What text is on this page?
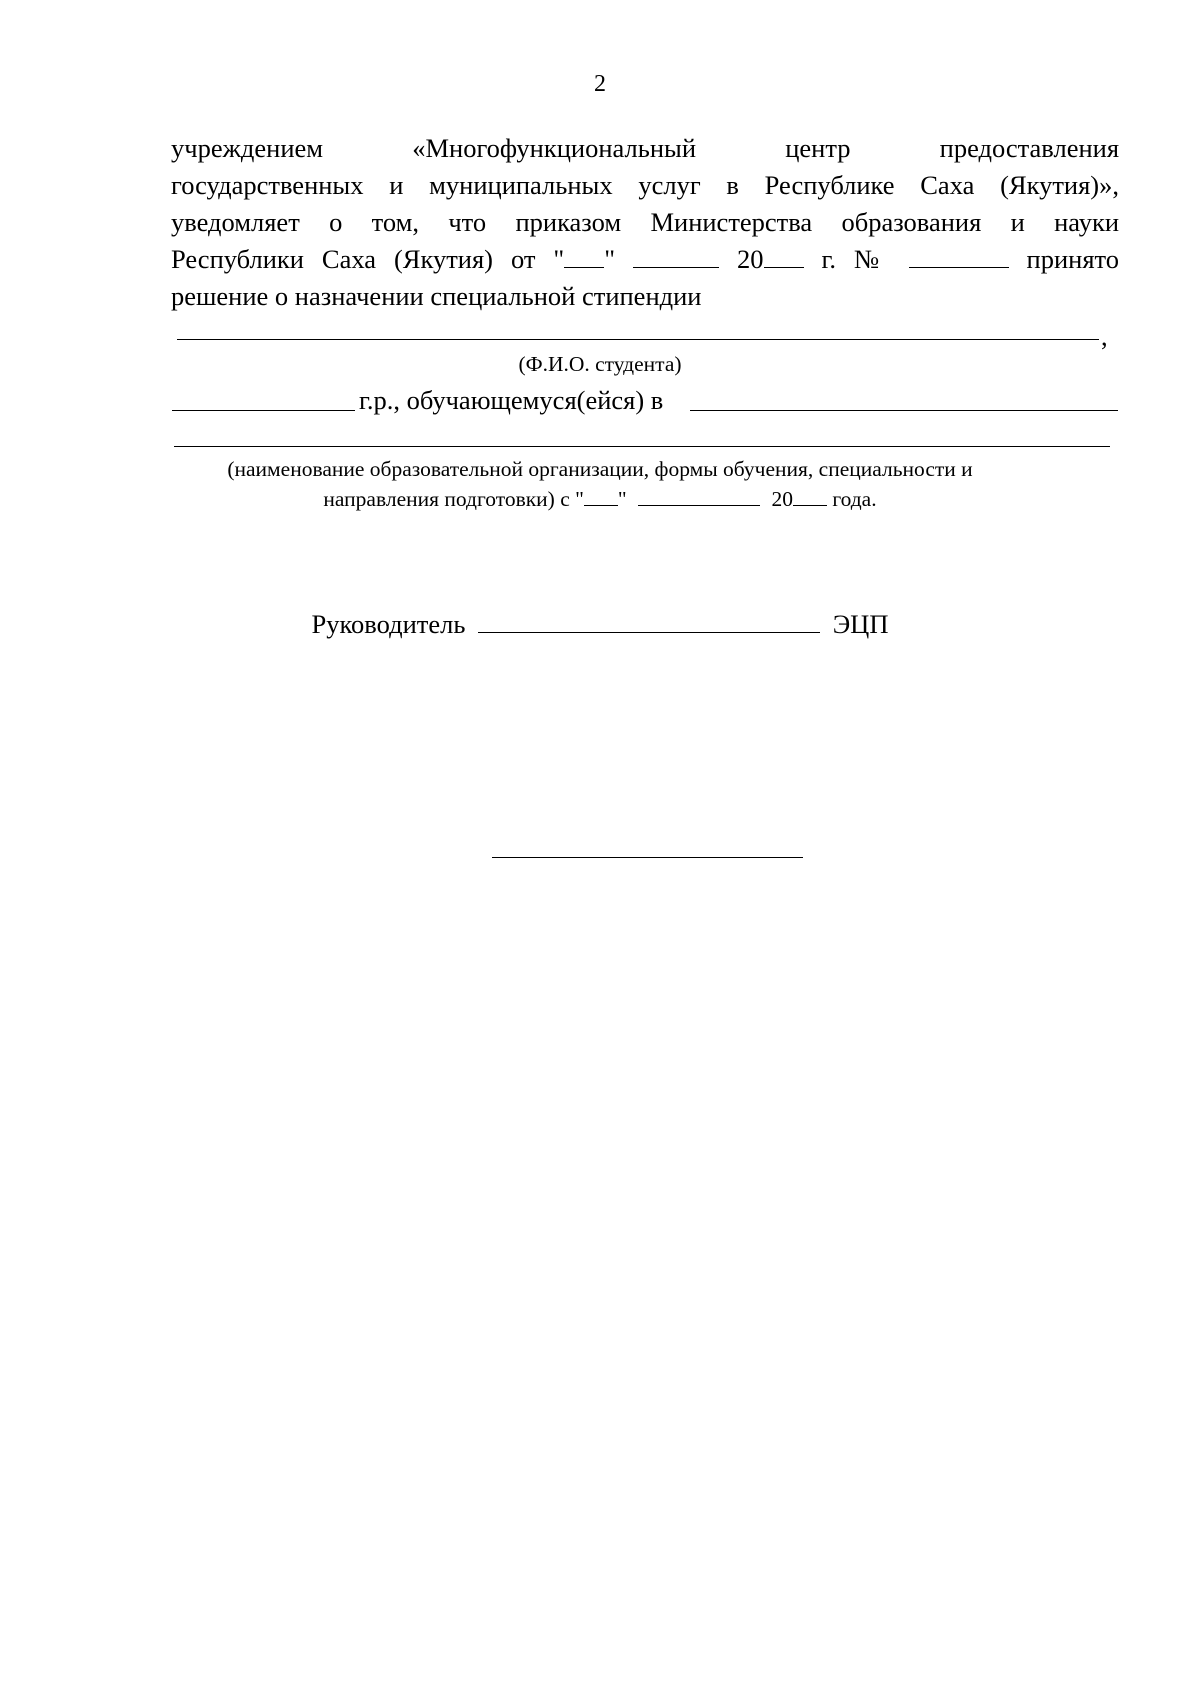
2
учреждением	«Многофункциональный	центр	предоставления
государственных и муниципальных услуг в Республике Саха (Якутия)»,
уведомляет о том, что приказом Министерства образования и науки
Республики Саха (Якутия) от " "	20 г. №	принято
решение о назначении специальной стипендии
,
(Ф.И.О. студента)
г.р., обучающемуся(ейся) в
(наименование образовательной организации, формы обучения, специальности и
направления подготовки) с " "	20 года.
Руководитель	ЭЦП
